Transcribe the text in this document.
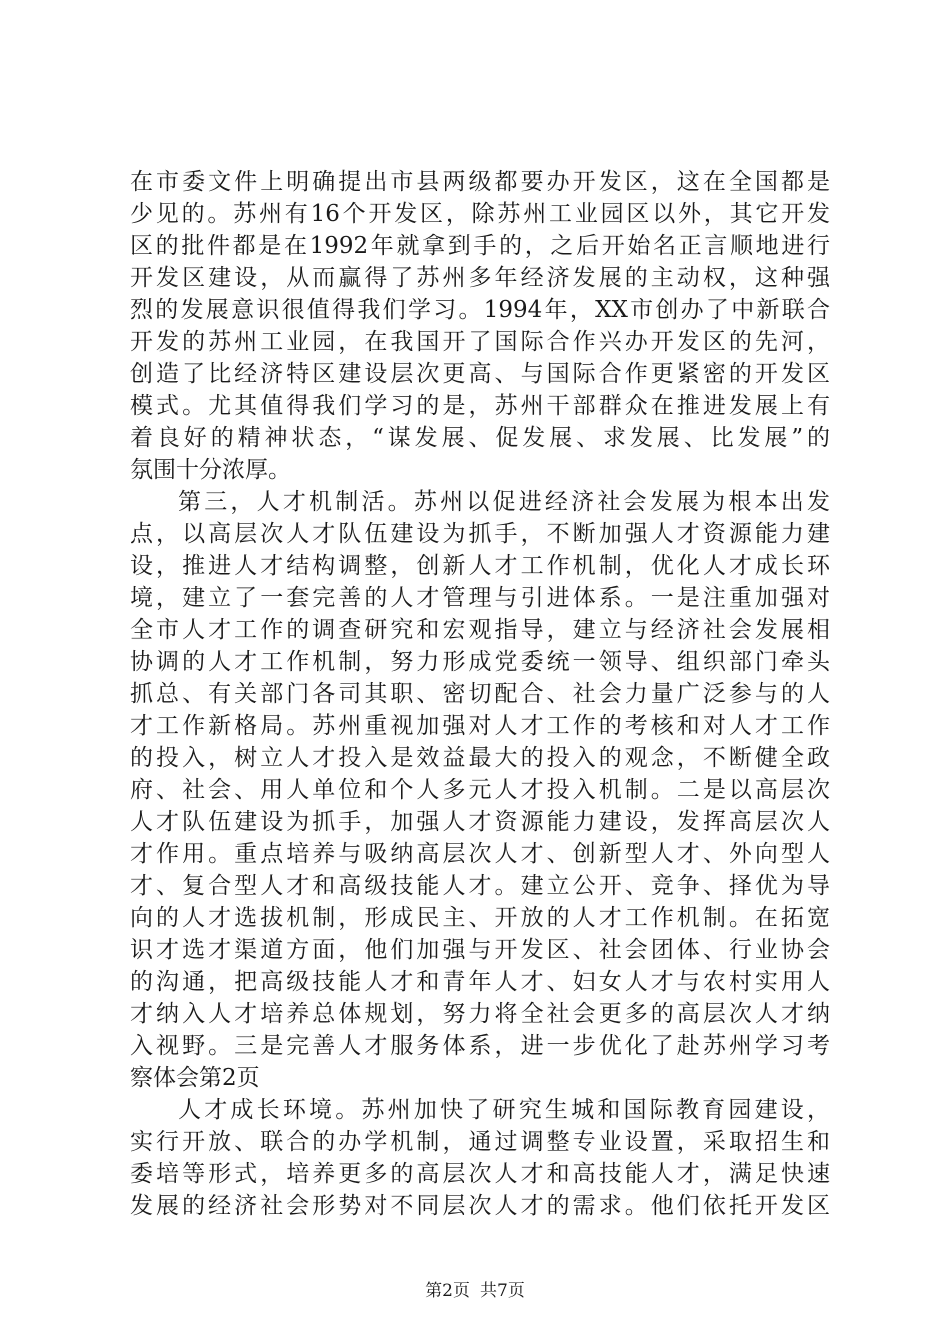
在市委文件上明确提出市县两级都要办开发区，这在全国都是
少见的。苏州有16个开发区，除苏州工业园区以外，其它开发
区的批件都是在1992年就拿到手的，之后开始名正言顺地进行
开发区建设，从而赢得了苏州多年经济发展的主动权，这种强
烈的发展意识很值得我们学习。1994年，XX市创办了中新联合
开发的苏州工业园，在我国开了国际合作兴办开发区的先河，
创造了比经济特区建设层次更高、与国际合作更紧密的开发区
模式。尤其值得我们学习的是，苏州干部群众在推进发展上有
着良好的精神状态，“谋发展、促发展、求发展、比发展”的
氛围十分浓厚。
第三，人才机制活。苏州以促进经济社会发展为根本出发
点，以高层次人才队伍建设为抓手，不断加强人才资源能力建
设，推进人才结构调整，创新人才工作机制，优化人才成长环
境，建立了一套完善的人才管理与引进体系。一是注重加强对
全市人才工作的调查研究和宏观指导，建立与经济社会发展相
协调的人才工作机制，努力形成党委统一领导、组织部门牵头
抓总、有关部门各司其职、密切配合、社会力量广泛参与的人
才工作新格局。苏州重视加强对人才工作的考核和对人才工作
的投入，树立人才投入是效益最大的投入的观念，不断健全政
府、社会、用人单位和个人多元人才投入机制。二是以高层次
人才队伍建设为抓手，加强人才资源能力建设，发挥高层次人
才作用。重点培养与吸纳高层次人才、创新型人才、外向型人
才、复合型人才和高级技能人才。建立公开、竞争、择优为导
向的人才选拔机制，形成民主、开放的人才工作机制。在拓宽
识才选才渠道方面，他们加强与开发区、社会团体、行业协会
的沟通，把高级技能人才和青年人才、妇女人才与农村实用人
才纳入人才培养总体规划，努力将全社会更多的高层次人才纳
入视野。三是完善人才服务体系，进一步优化了赴苏州学习考
察体会第2页
人才成长环境。苏州加快了研究生城和国际教育园建设，
实行开放、联合的办学机制，通过调整专业设置，采取招生和
委培等形式，培养更多的高层次人才和高技能人才，满足快速
发展的经济社会形势对不同层次人才的需求。他们依托开发区
第2页 共7页
